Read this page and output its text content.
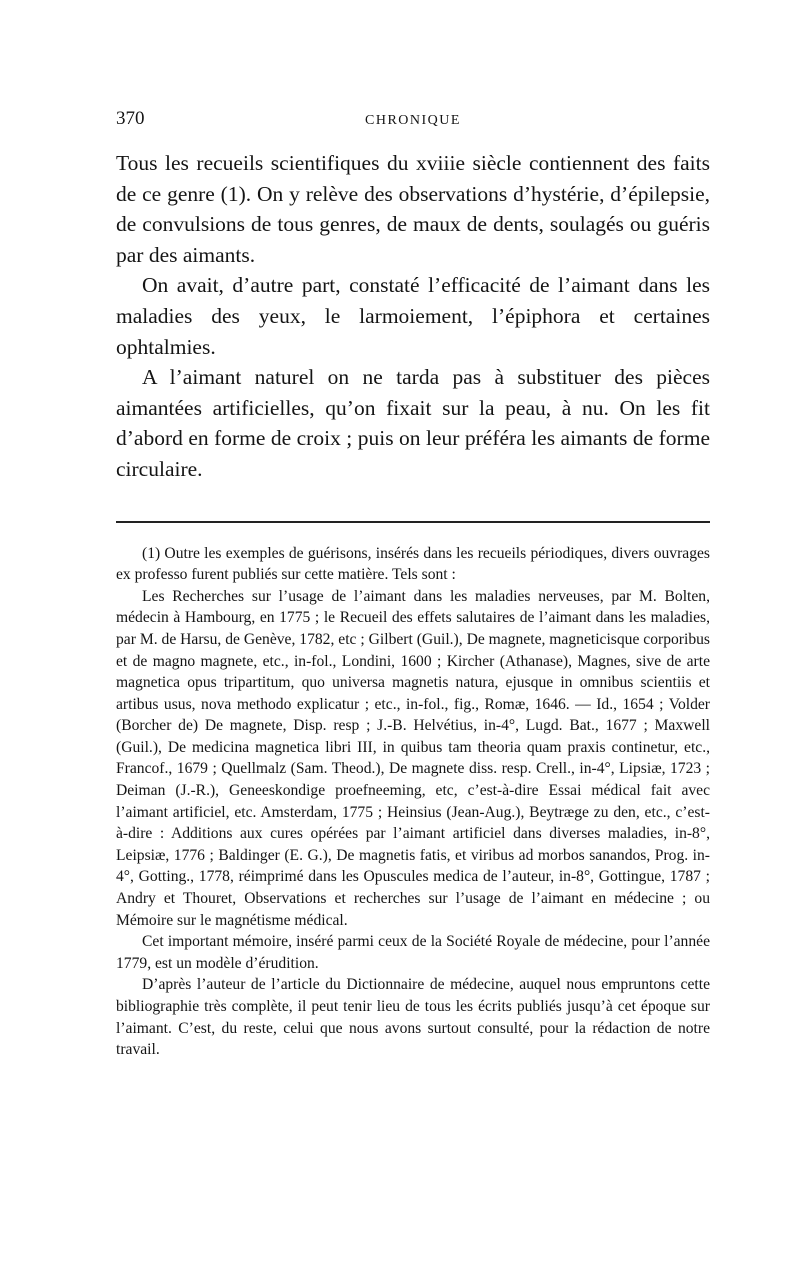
370	CHRONIQUE

Tous les recueils scientifiques du xviiie siècle contiennent des faits de ce genre (1). On y relève des observations d’hystérie, d’épilepsie, de convulsions de tous genres, de maux de dents, soulagés ou guéris par des aimants.

On avait, d’autre part, constaté l’efficacité de l’aimant dans les maladies des yeux, le larmoiement, l’épiphora et certaines ophtalmies.

A l’aimant naturel on ne tarda pas à substituer des pièces aimantées artificielles, qu’on fixait sur la peau, à nu. On les fit d’abord en forme de croix ; puis on leur préféra les aimants de forme circulaire.

(1) Outre les exemples de guérisons, insérés dans les recueils périodiques, divers ouvrages ex professo furent publiés sur cette matière. Tels sont :

Les Recherches sur l’usage de l’aimant dans les maladies nerveuses, par M. Bolten, médecin à Hambourg, en 1775 ; le Recueil des effets salutaires de l’aimant dans les maladies, par M. de Harsu, de Genève, 1782, etc ; Gilbert (Guil.), De magnete, magneticisque corporibus et de magno magnete, etc., in-fol., Londini, 1600 ; Kircher (Athanase), Magnes, sive de arte magnetica opus tripartitum, quo universa magnetis natura, ejusque in omnibus scientiis et artibus usus, nova methodo explicatur ; etc., in-fol., fig., Romæ, 1646. — Id., 1654 ; Volder (Borcher de) De magnete, Disp. resp ; J.-B. Helvétius, in-4°, Lugd. Bat., 1677 ; Maxwell (Guil.), De medicina magnetica libri III, in quibus tam theoria quam praxis continetur, etc., Francof., 1679 ; Quellmalz (Sam. Theod.), De magnete diss. resp. Crell., in-4°, Lipsiæ, 1723 ; Deiman (J.-R.), Geneeskondige proefneeming, etc, c’est-à-dire Essai médical fait avec l’aimant artificiel, etc. Amsterdam, 1775 ; Heinsius (Jean-Aug.), Beytræge zu den, etc., c’est-à-dire : Additions aux cures opérées par l’aimant artificiel dans diverses maladies, in-8°, Leipsiæ, 1776 ; Baldinger (E. G.), De magnetis fatis, et viribus ad morbos sanandos, Prog. in-4°, Gotting., 1778, réimprimé dans les Opuscules medica de l’auteur, in-8°, Gottingue, 1787 ; Andry et Thouret, Observations et recherches sur l’usage de l’aimant en médecine ; ou Mémoire sur le magnétisme médical.

Cet important mémoire, inséré parmi ceux de la Société Royale de médecine, pour l’année 1779, est un modèle d’érudition.

D’après l’auteur de l’article du Dictionnaire de médecine, auquel nous empruntons cette bibliographie très complète, il peut tenir lieu de tous les écrits publiés jusqu’à cet époque sur l’aimant. C’est, du reste, celui que nous avons surtout consulté, pour la rédaction de notre travail.
